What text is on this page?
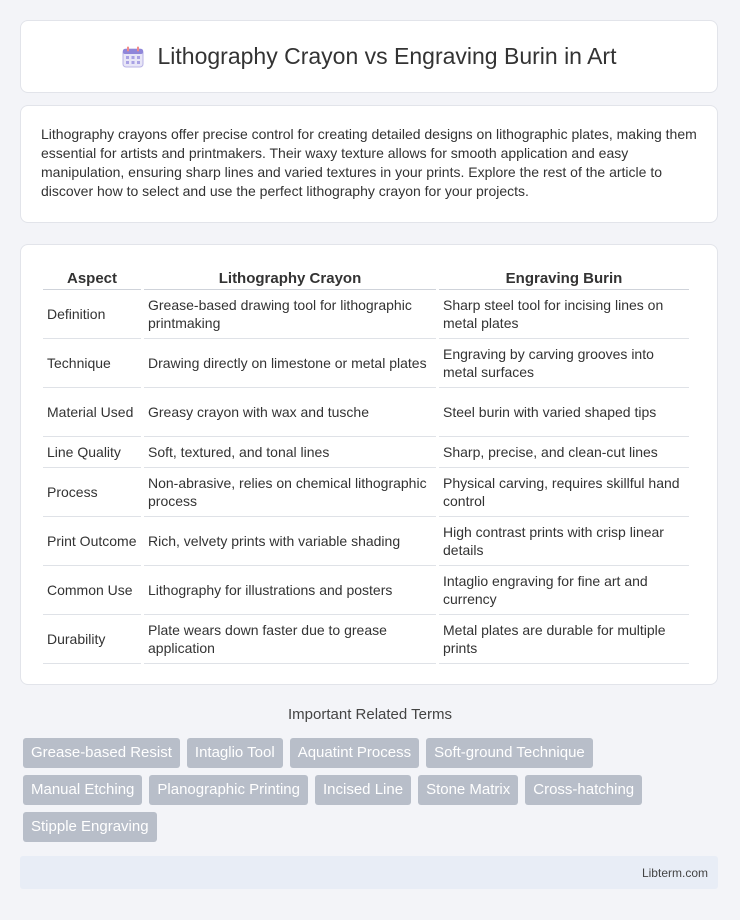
Lithography Crayon vs Engraving Burin in Art
Lithography crayons offer precise control for creating detailed designs on lithographic plates, making them essential for artists and printmakers. Their waxy texture allows for smooth application and easy manipulation, ensuring sharp lines and varied textures in your prints. Explore the rest of the article to discover how to select and use the perfect lithography crayon for your projects.
Aspect	Lithography Crayon	Engraving Burin
Definition	Grease-based drawing tool for lithographic printmaking	Sharp steel tool for incising lines on metal plates
Technique	Drawing directly on limestone or metal plates	Engraving by carving grooves into metal surfaces
Material Used	Greasy crayon with wax and tusche	Steel burin with varied shaped tips
Line Quality	Soft, textured, and tonal lines	Sharp, precise, and clean-cut lines
Process	Non-abrasive, relies on chemical lithographic process	Physical carving, requires skillful hand control
Print Outcome	Rich, velvety prints with variable shading	High contrast prints with crisp linear details
Common Use	Lithography for illustrations and posters	Intaglio engraving for fine art and currency
Durability	Plate wears down faster due to grease application	Metal plates are durable for multiple prints
Important Related Terms
Grease-based Resist	Intaglio Tool	Aquatint Process	Soft-ground Technique
Manual Etching	Planographic Printing	Incised Line	Stone Matrix	Cross-hatching
Stipple Engraving
Libterm.com
